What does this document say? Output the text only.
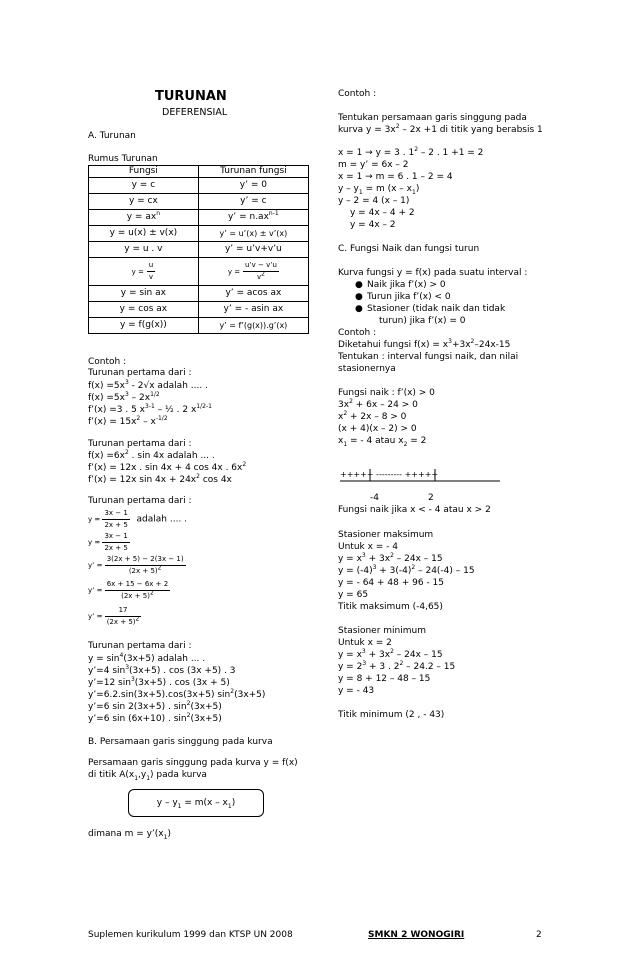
TURUNAN
DEFERENSIAL
A. Turunan
Rumus Turunan
Fungsi	Turunan fungsi
y = c	y’ = 0
y = cx	y’ = c
$y = ax^n$	y’ = $n.ax^{n-1}$
y = u(x) ± v(x)	y’ = u’(x) ± v’(x)
y = u . v	y’ = u’v+v’u
$y = \frac{u}{v}$	$y = \frac{u’v - v’u}{v^2}$

y = sin ax	y’ = acos ax
y = cos ax	y’ = - asin ax
y = f(g(x))	y’ = f’(g(x)).g’(x)
Contoh :
Turunan pertama dari :
$f(x) =5x^3 - 2√x$ adalah .... .
$f(x) =5x^3 - 2x^{1/2}$
f’(x) =3 . 5 $x^{3-1}$ – ½ . 2 $x^{1/2-1}$
f’(x) = $15x^2 - x^{-1/2}$
Turunan pertama dari :
$f(x) =6x^2$ . sin 4x adalah ... .
f’(x) = 12x . sin 4x + 4 cos 4x . $6x^2$
f’(x) = 12x $\sin 4x + 24x^2$ cos 4x
Turunan pertama dari :
$y = \frac{3x - 1}{2x + 5}$ adalah .... .
$y = \frac{3x - 1}{2x + 5}$
y’ = $\frac{3(2x + 5) - 2(3x - 1)}{(2x + 5)^2}$
y’ = $\frac{6x + 15 - 6x + 2}{(2x + 5)^2}$
y’ = $\frac{17}{(2x + 5)^2}$
Turunan pertama dari :
$y = \sin^4(3x+5)$ adalah ... .
y’=4 $\sin^3(3x+5)$ . cos (3x +5) . 3
y’=12 $\sin^3(3x+5)$ . cos (3x + 5)
y’=6.2.sin(3x+5).cos(3x+5) $\sin^2(3x+5)$
y’=6 sin 2(3x+5) . $\sin^2(3x+5)$
y’=6 sin (6x+10) . $\sin^2(3x+5)$
B. Persamaan garis singgung pada kurva
Persamaan garis singgung pada kurva y = f(x)
di titik $A(x_1,y_1)$ pada kurva
dimana $m = y’(x_1)$
$y - y_1 = m(x - x_1)$
Contoh :
Tentukan persamaan garis singgung pada
kurva $y = 3x^2 - 2x +1$ di titik yang berabsis 1
x = 1 → y = 3 . $1^2 - 2$ . 1 +1 = 2
m = y’ = 6x – 2
x = 1 → m = 6 . 1 – 2 = 4
$y - y_1 = m$ $(x - x_1)$
y – 2 = 4 (x – 1)
y = 4x – 4 + 2
y = 4x – 2
C. Fungsi Naik dan fungsi turun
Kurva fungsi y = f(x) pada suatu interval :
● Naik jika f’(x) > 0
● Turun jika f’(x) < 0
● Stasioner (tidak naik dan tidak
turun) jika f’(x) = 0
Contoh :
Diketahui fungsi $f(x) = x^3+3x^2-24x-15$
Tentukan : interval fungsi naik, dan nilai
stasionernya
Fungsi naik : f’(x) > 0
$3x^2 + 6x - 24 > 0$
$x^2 + 2x - 8 > 0$
(x + 4)(x – 2) > 0
$x_1$ = - 4 atau $x_2 = 2$
+++++ --------- +++++
-4	2
Fungsi naik jika x < - 4 atau x > 2
Stasioner maksimum
Untuk x = - 4
$y = x^3 + 3x^2 - 24x - 15$
$y = (-4)^3 + 3(-4)^2 - 24(-4) - 15$
y = - 64 + 48 + 96 - 15
y = 65
Titik maksimum (-4,65)
Stasioner minimum
Untuk x = 2
$y = x^3 + 3x^2 - 24x - 15$
$y = 2^3 + 3$ . $2^2 - 24.2 - 15$
y = 8 + 12 – 48 – 15
y = - 43
Titik minimum (2 , - 43)
Suplemen kurikulum 1999 dan KTSP UN 2008	SMKN 2 WONOGIRI	2
